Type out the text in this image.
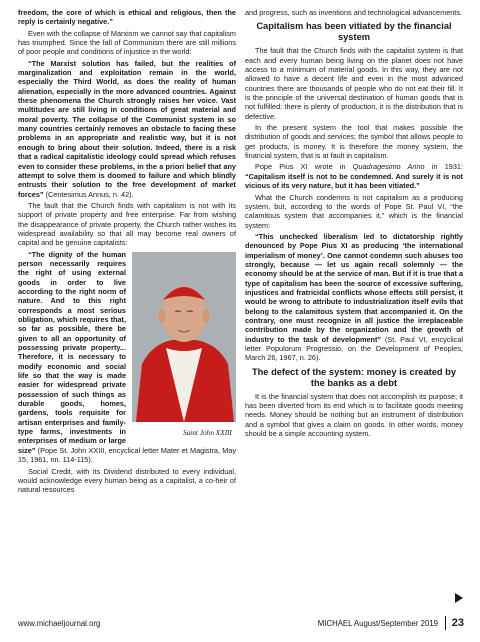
freedom, the core of which is ethical and religious, then the reply is certainly negative.”

Even with the collapse of Marxism we cannot say that capitalism has triumphed. Since the fall of Communism there are still millions of poor people and conditions of injustice in the world:

“The Marxist solution has failed, but the realities of marginalization and exploitation remain in the world, especially the Third World, as does the reality of human alienation, especially in the more advanced countries. Against these phenomena the Church strongly raises her voice. Vast multitudes are still living in conditions of great material and moral poverty. The collapse of the Communist system in so many countries certainly removes an obstacle to facing these problems in an appropriate and realistic way, but it is not enough to bring about their solution. Indeed, there is a risk that a radical capitalistic ideology could spread which refuses even to consider these problems, in the a priori belief that any attempt to solve them is doomed to failure and which blindly entrusts their solution to the free development of market forces” (Centesimus Annus, n. 42).

The fault that the Church finds with capitalism is not with its support of private property and free enterprise. Far from wishing the disappearance of private property, the Church rather wishes its widespread availability so that all may become real owners of capital and be genuine capitalists:

Saint John XXIII

“The dignity of the human person necessarily requires the right of using external goods in order to live according to the right norm of nature. And to this right corresponds a most serious obligation, which requires that, so far as possible, there be given to all an opportunity of possessing private property... Therefore, it is necessary to modify economic and social life so that the way is made easier for widespread private possession of such things as durable goods, homes, gardens, tools requisite for artisan enterprises and family-type farms, investments in enterprises of medium or large size” (Pope St. John XXIII, encyclical letter Mater et Magistra, May 15, 1961, nn. 114-115).

Social Credit, with its Dividend distributed to every individual, would acknowledge every human being as a capitalist, a co-heir of natural resources

and progress, such as inventions and technological advancements.

Capitalism has been vitiated by the financial system

The fault that the Church finds with the capitalist system is that each and every human being living on the planet does not have access to a minimum of material goods. In this way, they are not allowed to have a decent life and even in the most advanced countries there are thousands of people who do not eat their fill. It is the principle of the universal destination of human goods that is not fulfilled: there is plenty of production, it is the distribution that is defective.

In the present system the tool that makes possible the distribution of goods and services; the symbol that allows people to get products, is money. It is therefore the money system, the financial system, that is at fault in capitalism.

Pope Pius XI wrote in Quadragesimo Anno in 1931: “Capitalism itself is not to be condemned. And surely it is not vicious of its very nature, but it has been vitiated.”

What the Church condemns is not capitalism as a producing system, but, according to the words of Pope St. Paul VI, “the calamitous system that accompanies it,” which is the financial system:

“This unchecked liberalism led to dictatorship rightly denounced by Pope Pius XI as producing ‘the international imperialism of money’. One cannot condemn such abuses too strongly, because — let us again recall solemnly — the economy should be at the service of man. But if it is true that a type of capitalism has been the source of excessive suffering, injustices and fratricidal conflicts whose effects still persist, it would be wrong to attribute to industrialization itself evils that belong to the calamitous system that accompanied it. On the contrary, one must recognize in all justice the irreplaceable contribution made by the organization and the growth of industry to the task of development” (St. Paul VI, encyclical letter Populorum Progressio, on the Development of Peoples, March 26, 1967, n. 26).

The defect of the system: money is created by the banks as a debt

It is the financial system that does not accomplish its purpose; it has been diverted from its end which is to facilitate goods meeting needs. Money should be nothing but an instrument of distribution and a symbol that gives a claim on goods. In other words, money should be a simple accounting system.

www.michaeljournal.org	MICHAEL August/September 2019 23
